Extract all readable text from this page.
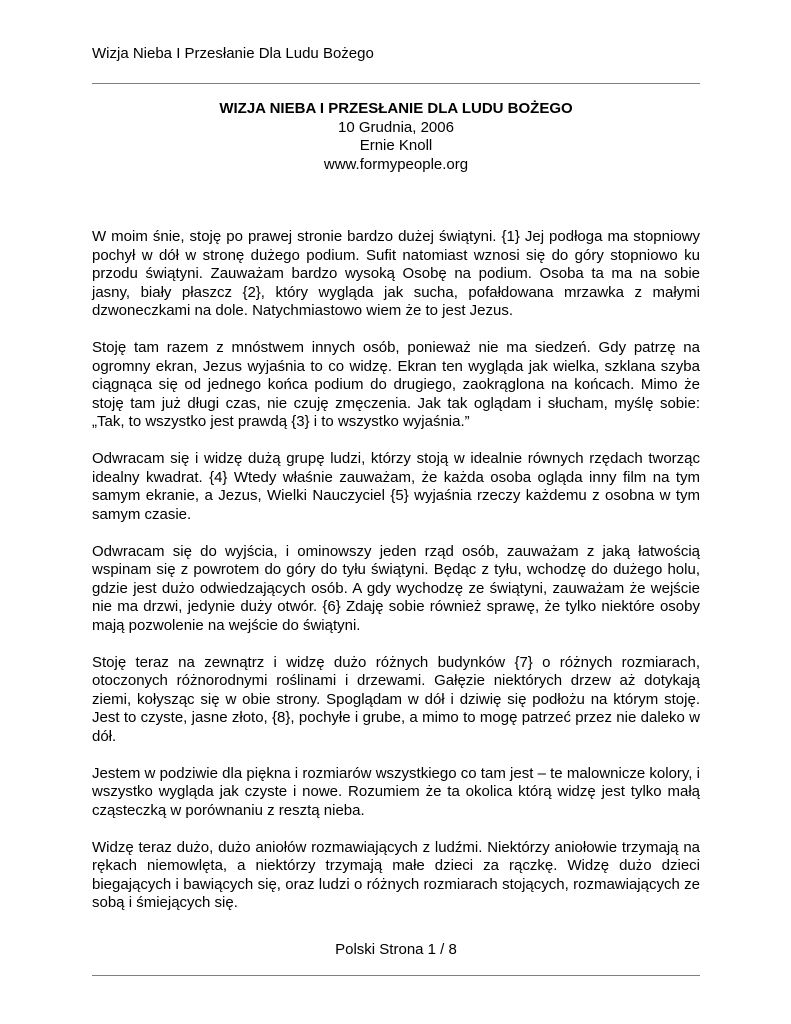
Wizja Nieba I Przesłanie Dla Ludu Bożego
WIZJA NIEBA I PRZESŁANIE DLA LUDU BOŻEGO
10 Grudnia, 2006
Ernie Knoll
www.formypeople.org

W moim śnie, stoję po prawej stronie bardzo dużej świątyni. {1} Jej podłoga ma stopniowy pochył w dół w stronę dużego podium. Sufit natomiast wznosi się do góry stopniowo ku przodu świątyni. Zauważam bardzo wysoką Osobę na podium. Osoba ta ma na sobie jasny, biały płaszcz {2}, który wygląda jak sucha, pofałdowana mrzawka z małymi dzwoneczkami na dole. Natychmiastowo wiem że to jest Jezus.

Stoję tam razem z mnóstwem innych osób, ponieważ nie ma siedzeń. Gdy patrzę na ogromny ekran, Jezus wyjaśnia to co widzę. Ekran ten wygląda jak wielka, szklana szyba ciągnąca się od jednego końca podium do drugiego, zaokrąglona na końcach. Mimo że stoję tam już długi czas, nie czuję zmęczenia. Jak tak oglądam i słucham, myślę sobie: „Tak, to wszystko jest prawdą {3} i to wszystko wyjaśnia.”

Odwracam się i widzę dużą grupę ludzi, którzy stoją w idealnie równych rzędach tworząc idealny kwadrat. {4} Wtedy właśnie zauważam, że każda osoba ogląda inny film na tym samym ekranie, a Jezus, Wielki Nauczyciel {5} wyjaśnia rzeczy każdemu z osobna w tym samym czasie.

Odwracam się do wyjścia, i ominowszy jeden rząd osób, zauważam z jaką łatwością wspinam się z powrotem do góry do tyłu świątyni. Będąc z tyłu, wchodzę do dużego holu, gdzie jest dużo odwiedzających osób. A gdy wychodzę ze świątyni, zauważam że wejście nie ma drzwi, jedynie duży otwór. {6} Zdaję sobie również sprawę, że tylko niektóre osoby mają pozwolenie na wejście do świątyni.

Stoję teraz na zewnątrz i widzę dużo różnych budynków {7} o różnych rozmiarach, otoczonych różnorodnymi roślinami i drzewami. Gałęzie niektórych drzew aż dotykają ziemi, kołysząc się w obie strony. Spoglądam w dół i dziwię się podłożu na którym stoję. Jest to czyste, jasne złoto, {8}, pochyłe i grube, a mimo to mogę patrzeć przez nie daleko w dół.

Jestem w podziwie dla piękna i rozmiarów wszystkiego co tam jest – te malownicze kolory, i wszystko wygląda jak czyste i nowe. Rozumiem że ta okolica którą widzę jest tylko małą cząsteczką w porównaniu z resztą nieba.

Widzę teraz dużo, dużo aniołów rozmawiających z ludźmi. Niektórzy aniołowie trzymają na rękach niemowlęta, a niektórzy trzymają małe dzieci za rączkę. Widzę dużo dzieci biegających i bawiących się, oraz ludzi o różnych rozmiarach stojących, rozmawiających ze sobą i śmiejących się.

Polski Strona 1 / 8
